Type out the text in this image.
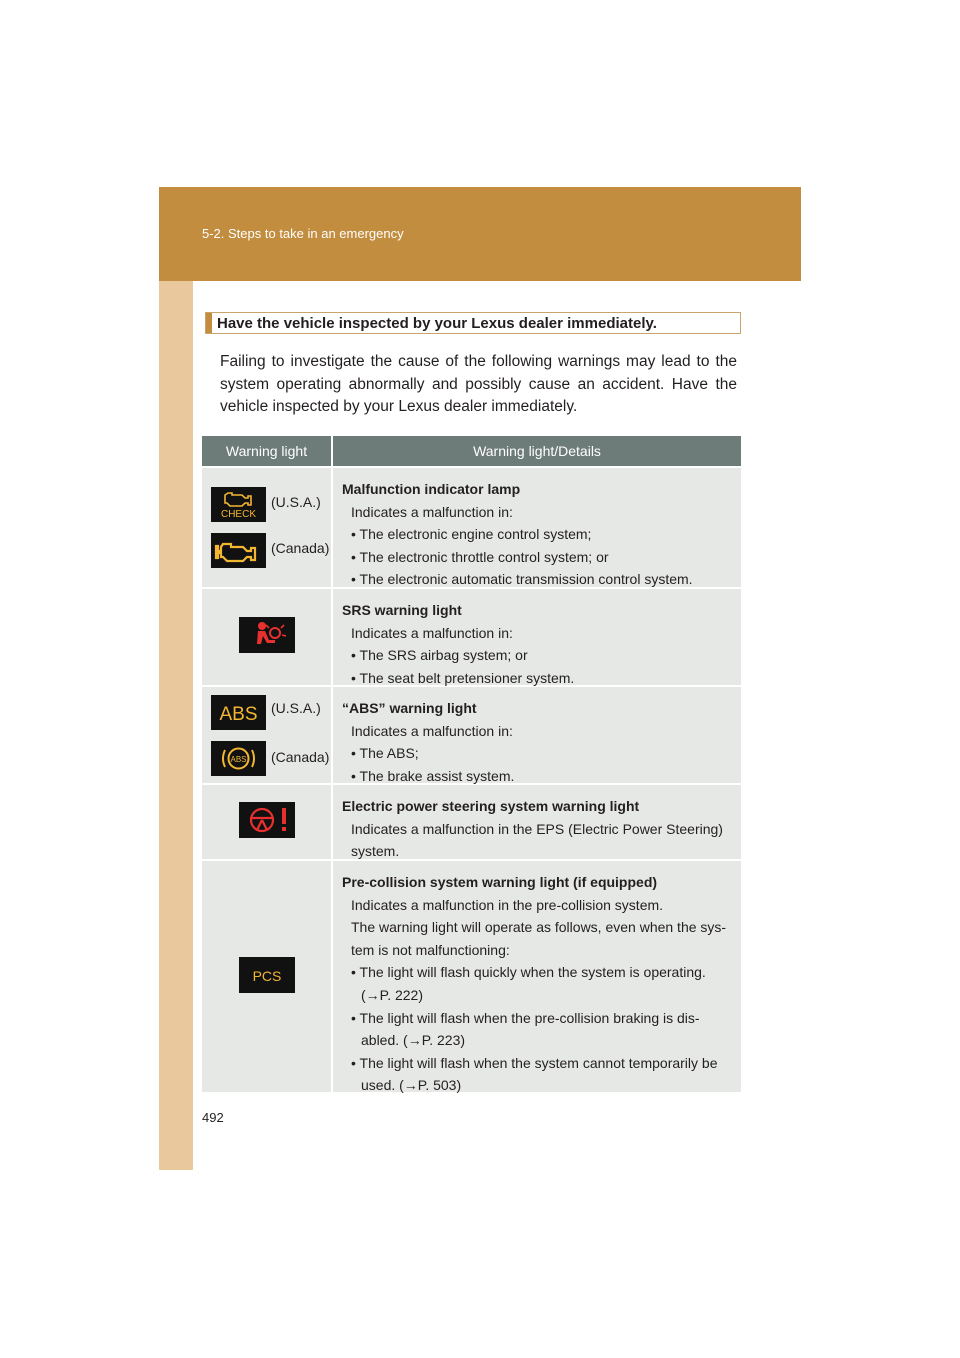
5-2. Steps to take in an emergency
Have the vehicle inspected by your Lexus dealer immediately.
Failing to investigate the cause of the following warnings may lead to the system operating abnormally and possibly cause an accident. Have the vehicle inspected by your Lexus dealer immediately.
Warning light	Warning light/Details
CHECK
(U.S.A.)
(Canada)
Malfunction indicator lamp
Indicates a malfunction in:
• The electronic engine control system;
• The electronic throttle control system; or
• The electronic automatic transmission control system.
SRS warning light
Indicates a malfunction in:
• The SRS airbag system; or
• The seat belt pretensioner system.
ABS (U.S.A.)
ABS (Canada)
“ABS” warning light
Indicates a malfunction in:
• The ABS;
• The brake assist system.
Electric power steering system warning light
Indicates a malfunction in the EPS (Electric Power Steering)
system.
PCS
Pre-collision system warning light (if equipped)
Indicates a malfunction in the pre-collision system.
The warning light will operate as follows, even when the sys-
tem is not malfunctioning:
• The light will flash quickly when the system is operating.
(→P. 222)
• The light will flash when the pre-collision braking is dis-
abled. (→P. 223)
• The light will flash when the system cannot temporarily be
used. (→P. 503)
492
